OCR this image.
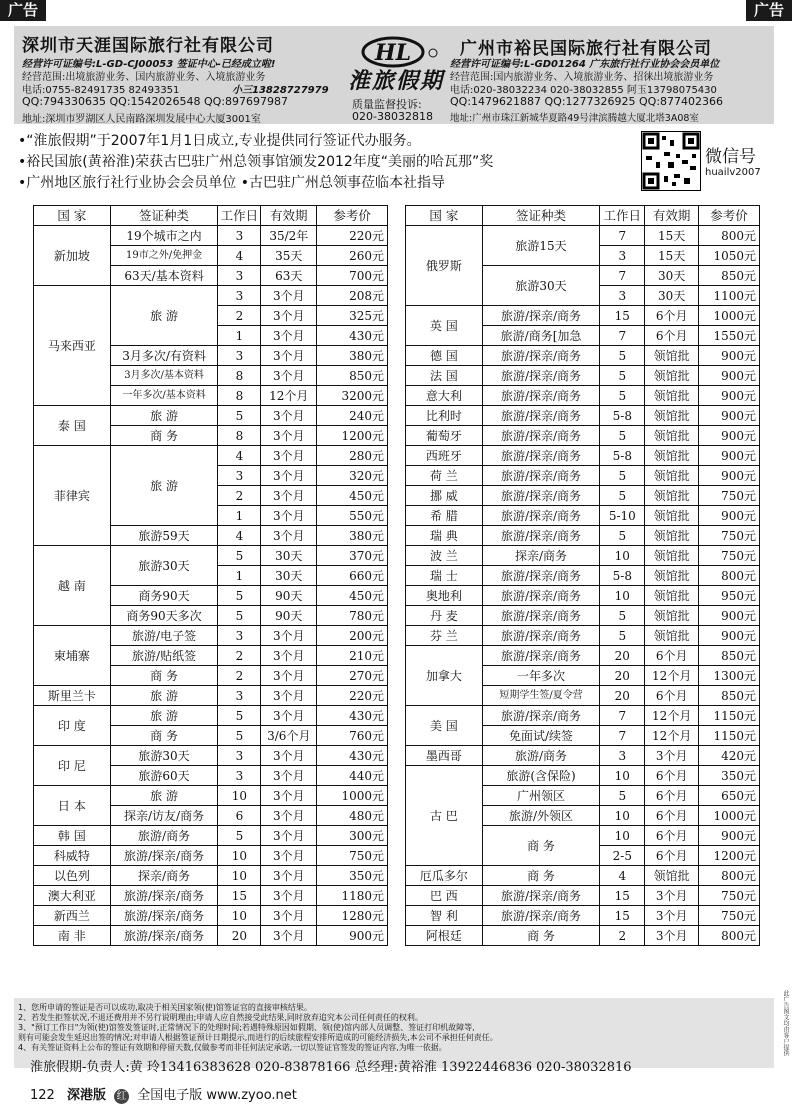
广告	广告
深圳市天涯国际旅行社有限公司
经营许可证编号:L-GD-CJ00053 签证中心-已经成立啦!
经营范围:出境旅游业务、国内旅游业务、入境旅游业务
电话:0755-82491735 82493351	小三13828727979
QQ:794330635 QQ:1542026548 QQ:897697987
地址:深圳市罗湖区人民南路深圳发展中心大厦3001室
HL
淮旅假期
质量监督投诉:
020-38032818
广州市裕民国际旅行社有限公司
经营许可证编号:L-GD01264 广东旅行社行业协会会员单位
经营范围:国内旅游业务、入境旅游业务、招徕出境旅游业务
电话:020-38032234 020-38032855 阿玉13798075430
QQ:1479621887 QQ:1277326925 QQ:877402366
地址:广州市珠江新城华夏路49号津滨腾越大厦北塔3A08室
•“淮旅假期”于2007年1月1日成立,专业提供同行签证代办服务。
•裕民国旅(黄裕淮)荣获古巴驻广州总领事馆颁发2012年度“美丽的哈瓦那”奖
•广州地区旅行社行业协会会员单位 •古巴驻广州总领事莅临本社指导
微信号
huailv2007
国 家	签证种类	工作日	有效期	参考价
新加坡	19个城市之内	3	35/2年	220元
	19市之外/免押金	4	35天	260元
	63天/基本资料	3	63天	700元
马来西亚	旅 游	3	3个月	208元
		2	3个月	325元
		1	3个月	430元
	3月多次/有资料	3	3个月	380元
	3月多次/基本资料	8	3个月	850元
	一年多次/基本资料	8	12个月	3200元
泰 国	旅 游	5	3个月	240元
	商 务	8	3个月	1200元
菲律宾	旅 游	4	3个月	280元
		3	3个月	320元
		2	3个月	450元
		1	3个月	550元
	旅游59天	4	3个月	380元
越 南	旅游30天	5	30天	370元
		1	30天	660元
	商务90天	5	90天	450元
	商务90天多次	5	90天	780元
柬埔寨	旅游/电子签	3	3个月	200元
	旅游/贴纸签	2	3个月	210元
	商 务	2	3个月	270元
斯里兰卡	旅 游	3	3个月	220元
印 度	旅 游	5	3个月	430元
	商 务	5	3/6个月	760元
印 尼	旅游30天	3	3个月	430元
	旅游60天	3	3个月	440元
日 本	旅 游	10	3个月	1000元
	探亲/访友/商务	6	3个月	480元
韩 国	旅游/商务	5	3个月	300元
科威特	旅游/探亲/商务	10	3个月	750元
以色列	探亲/商务	10	3个月	350元
澳大利亚	旅游/探亲/商务	15	3个月	1180元
新西兰	旅游/探亲/商务	10	3个月	1280元
南 非	旅游/探亲/商务	20	3个月	900元
国 家	签证种类	工作日	有效期	参考价
俄罗斯	旅游15天	7	15天	800元
		3	15天	1050元
	旅游30天	7	30天	850元
		3	30天	1100元
英 国	旅游/探亲/商务	15	6个月	1000元
	旅游/商务[加急	7	6个月	1550元
德 国	旅游/探亲/商务	5	领馆批	900元
法 国	旅游/探亲/商务	5	领馆批	900元
意大利	旅游/探亲/商务	5	领馆批	900元
比利时	旅游/探亲/商务	5-8	领馆批	900元
葡萄牙	旅游/探亲/商务	5	领馆批	900元
西班牙	旅游/探亲/商务	5-8	领馆批	900元
荷 兰	旅游/探亲/商务	5	领馆批	900元
挪 威	旅游/探亲/商务	5	领馆批	750元
希 腊	旅游/探亲/商务	5-10	领馆批	900元
瑞 典	旅游/探亲/商务	5	领馆批	750元
波 兰	探亲/商务	10	领馆批	750元
瑞 士	旅游/探亲/商务	5-8	领馆批	800元
奥地利	旅游/探亲/商务	10	领馆批	950元
丹 麦	旅游/探亲/商务	5	领馆批	900元
芬 兰	旅游/探亲/商务	5	领馆批	900元
加拿大	旅游/探亲/商务	20	6个月	850元
	一年多次	20	12个月	1300元
	短期学生签/夏令营	20	6个月	850元
美 国	旅游/探亲/商务	7	12个月	1150元
	免面试/续签	7	12个月	1150元
墨西哥	旅游/商务	3	3个月	420元
古 巴	旅游(含保险)	10	6个月	350元
	广州领区	5	6个月	650元
	旅游/外领区	10	6个月	1000元
	商 务	10	6个月	900元
		2-5	6个月	1200元
厄瓜多尔	商 务	4	领馆批	800元
巴 西	旅游/探亲/商务	15	3个月	750元
智 利	旅游/探亲/商务	15	3个月	750元
阿根廷	商 务	2	3个月	800元
1、您所申请的签证是否可以成功,取决于相关国家领(使)馆签证官的直接审核结果。
2、若发生拒签状况,不退还费用并不另行说明理由;申请人应自然接受此结果,同时放弃追究本公司任何责任的权利。
3、"预订工作日"为领(使)馆签发签证时,正常情况下的处理时间;若遇特殊原因如假期、领(使)馆内部人员调整、签证打印机故障等,
则有可能会发生延迟出签的情况;对申请人根据签证预计日期提示,而进行的后续旅程安排所造成的可能经济损失,本公司不承担任何责任。
4、有关签证资料上公布的签证有效期和停留天数,仅做参考而非任何法定承诺,一切以签证官签发的签证内容,为唯一依据。
淮旅假期-负责人:黄 玲13416383628 020-83878166 总经理:黄裕淮 13922446836 020-38032816
122 深港版 红 全国电子版 www.zyoo.net
此广告图文均由客户提供
